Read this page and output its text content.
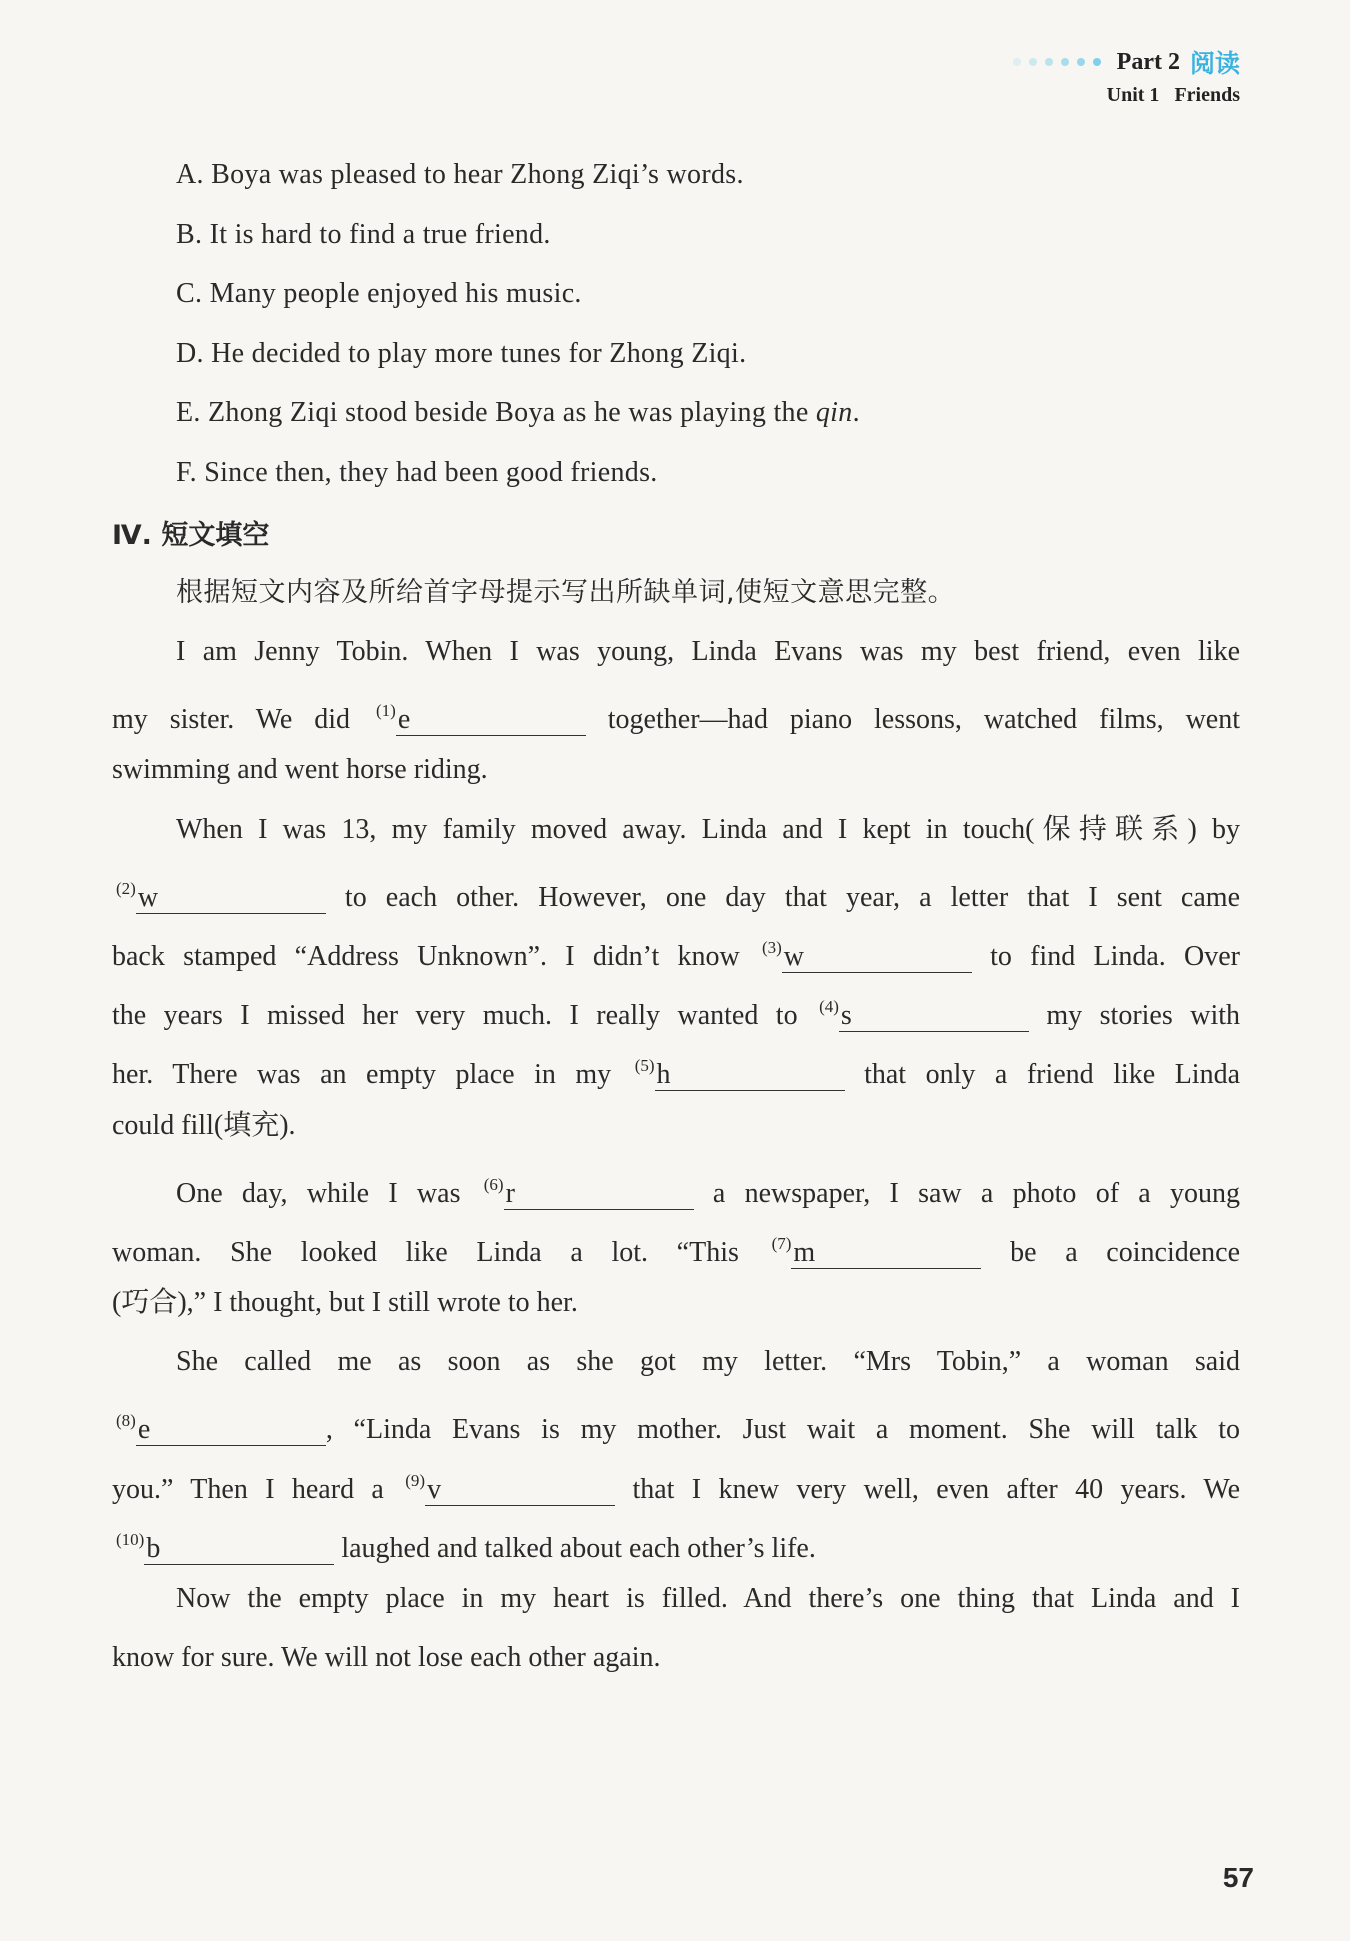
Part 2 阅读
Unit 1 Friends
A. Boya was pleased to hear Zhong Ziqi’s words.
B. It is hard to find a true friend.
C. Many people enjoyed his music.
D. He decided to play more tunes for Zhong Ziqi.
E. Zhong Ziqi stood beside Boya as he was playing the qin.
F. Since then, they had been good friends.
Ⅳ. 短文填空
根据短文内容及所给首字母提示写出所缺单词,使短文意思完整。
I am Jenny Tobin. When I was young, Linda Evans was my best friend, even like
my sister. We did $^{(1)}$e	together—had piano lessons, watched films, went
swimming and went horse riding.
When I was 13, my family moved away. Linda and I kept in touch(保持联系) by
$^{(2)}$w	to each other. However, one day that year, a letter that I sent came
back stamped “Address Unknown”. I didn’t know $^{(3)}$w	to find Linda. Over
the years I missed her very much. I really wanted to $^{(4)}$s	my stories with
her. There was an empty place in my $^{(5)}$h	that only a friend like Linda
could fill(填充).
One day, while I was $^{(6)}$r	a newspaper, I saw a photo of a young
woman. She looked like Linda a lot. “This $^{(7)}$m	be a coincidence
(巧合),” I thought, but I still wrote to her.
She called me as soon as she got my letter. “Mrs Tobin,” a woman said
$^{(8)}$e	, “Linda Evans is my mother. Just wait a moment. She will talk to
you.” Then I heard a $^{(9)}$v	that I knew very well, even after 40 years. We
$^{(10)}$b	laughed and talked about each other’s life.
Now the empty place in my heart is filled. And there’s one thing that Linda and I
know for sure. We will not lose each other again.
57
